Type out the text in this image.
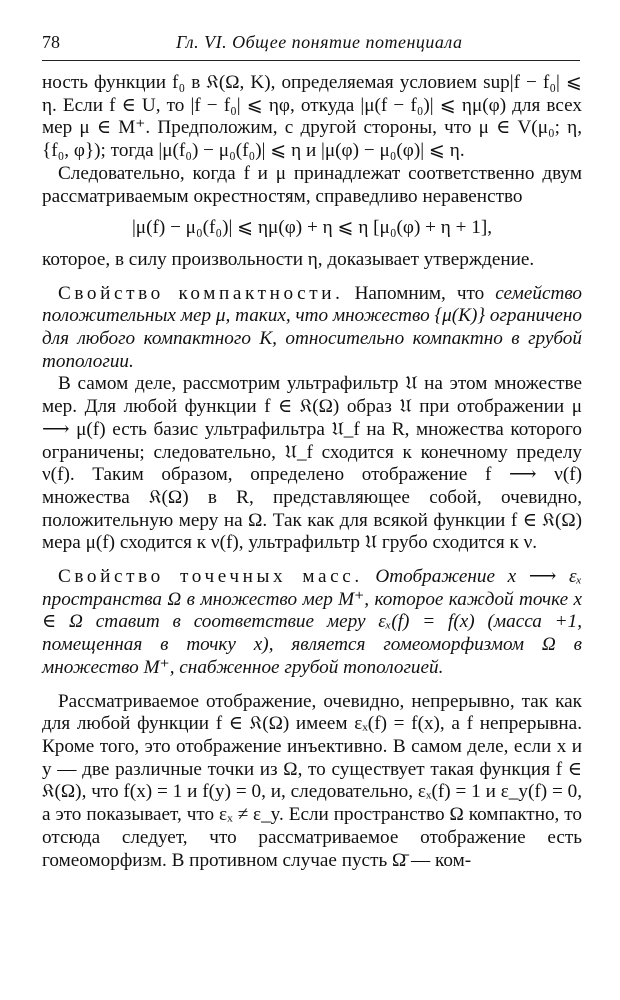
78	Гл. VI. Общее понятие потенциала

ность функции f₀ в 𝔎(Ω, K), определяемая условием sup|f − f₀| ⩽ η. Если f ∈ U, то |f − f₀| ⩽ ηφ, откуда |μ(f − f₀)| ⩽ ημ(φ) для всех мер μ ∈ M⁺. Предположим, с другой стороны, что μ ∈ V(μ₀; η, {f₀, φ}); тогда |μ(f₀) − μ₀(f₀)| ⩽ η и |μ(φ) − μ₀(φ)| ⩽ η.

Следовательно, когда f и μ принадлежат соответственно двум рассматриваемым окрестностям, справедливо неравенство

|μ(f) − μ₀(f₀)| ⩽ ημ(φ) + η ⩽ η [μ₀(φ) + η + 1],

которое, в силу произвольности η, доказывает утверждение.

Свойство компактности. Напомним, что семейство положительных мер μ, таких, что множество {μ(K)} ограничено для любого компактного K, относительно компактно в грубой топологии.

В самом деле, рассмотрим ультрафильтр 𝔘 на этом множестве мер. Для любой функции f ∈ 𝔎(Ω) образ 𝔘 при отображении μ ⟶ μ(f) есть базис ультрафильтра 𝔘_f на R, множества которого ограничены; следовательно, 𝔘_f сходится к конечному пределу ν(f). Таким образом, определено отображение f ⟶ ν(f) множества 𝔎(Ω) в R, представляющее собой, очевидно, положительную меру на Ω. Так как для всякой функции f ∈ 𝔎(Ω) мера μ(f) сходится к ν(f), ультрафильтр 𝔘 грубо сходится к ν.

Свойство точечных масс. Отображение x ⟶ εₓ пространства Ω в множество мер M⁺, которое каждой точке x ∈ Ω ставит в соответствие меру εₓ(f) = f(x) (масса +1, помещенная в точку x), является гомеоморфизмом Ω в множество M⁺, снабженное грубой топологией.

Рассматриваемое отображение, очевидно, непрерывно, так как для любой функции f ∈ 𝔎(Ω) имеем εₓ(f) = f(x), а f непрерывна. Кроме того, это отображение инъективно. В самом деле, если x и y — две различные точки из Ω, то существует такая функция f ∈ 𝔎(Ω), что f(x) = 1 и f(y) = 0, и, следовательно, εₓ(f) = 1 и ε_y(f) = 0, а это показывает, что εₓ ≠ ε_y. Если пространство Ω компактно, то отсюда следует, что рассматриваемое отображение есть гомеоморфизм. В противном случае пусть Ω̄ — ком-
